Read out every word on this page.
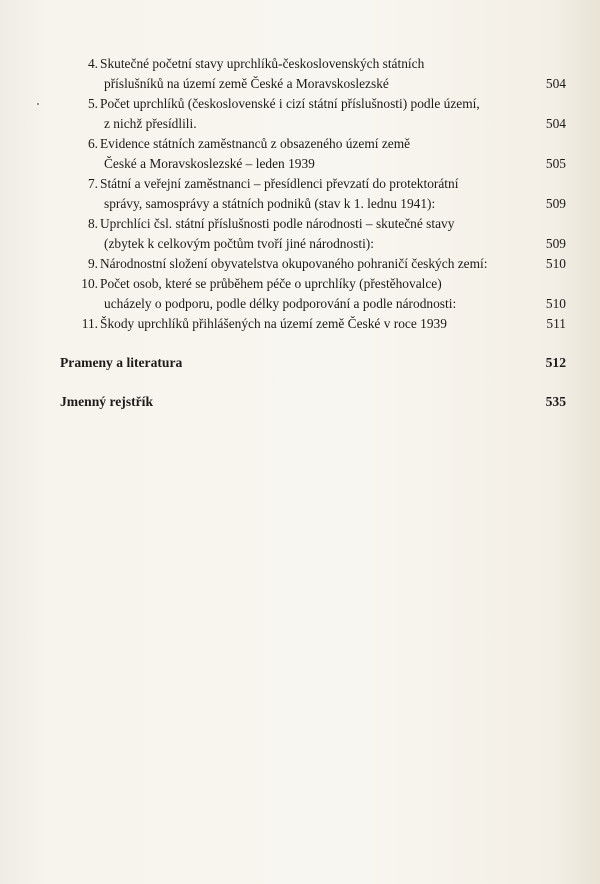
4. Skutečné početní stavy uprchlíků-československých státních
příslušníků na území země České a Moravskoslezské	504
5. Počet uprchlíků (československé i cizí státní příslušnosti) podle území,
z nichž přesídlili.	504
6. Evidence státních zaměstnanců z obsazeného území země
České a Moravskoslezské – leden 1939	505
7. Státní a veřejní zaměstnanci – přesídlenci převzatí do protektorátní
správy, samosprávy a státních podniků (stav k 1. lednu 1941):	509
8. Uprchlíci čsl. státní příslušnosti podle národnosti – skutečné stavy
(zbytek k celkovým počtům tvoří jiné národnosti):	509
9. Národnostní složení obyvatelstva okupovaného pohraničí českých zemí:	510
10. Počet osob, které se průběhem péče o uprchlíky (přestěhovalce)
ucházely o podporu, podle délky podporování a podle národnosti:	510
11. Škody uprchlíků přihlášených na území země České v roce 1939	511
Prameny a literatura	512
Jmenný rejstřík	535
